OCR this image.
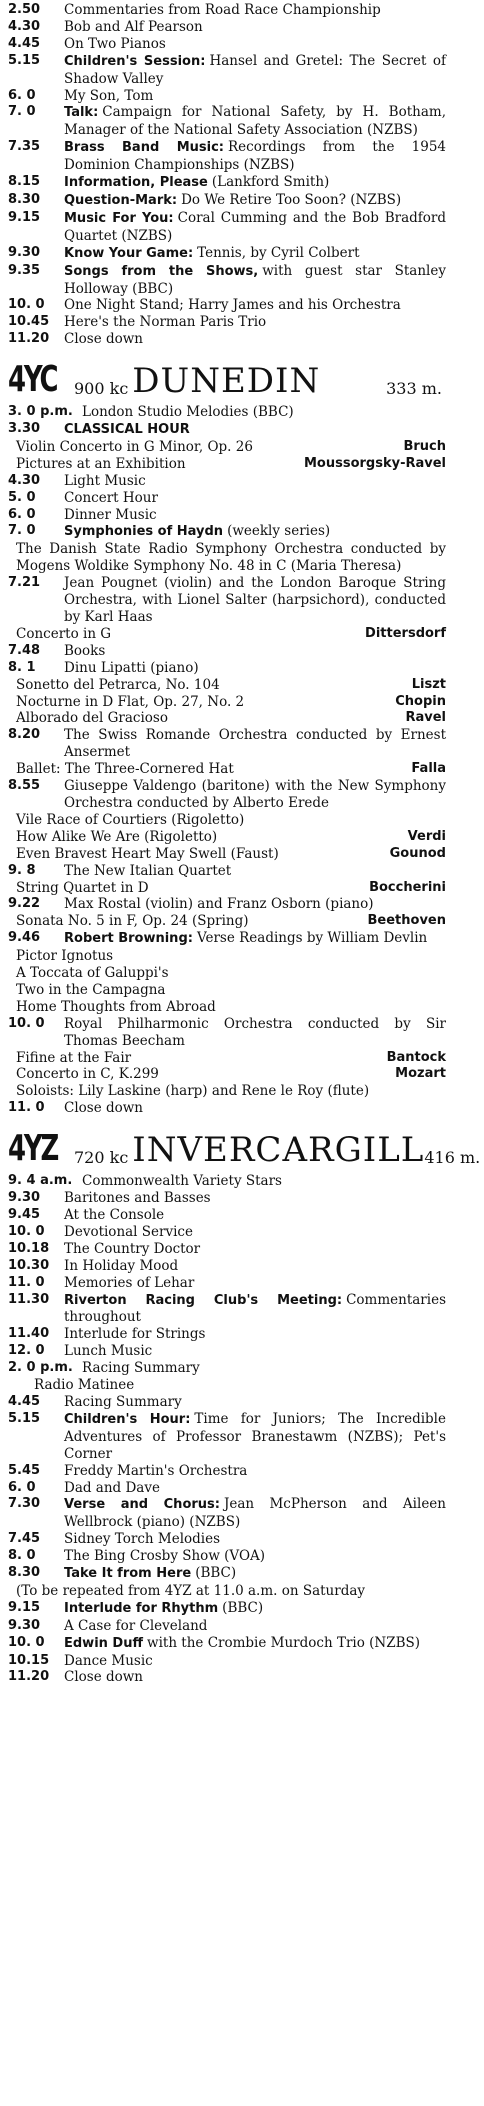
2.50 Commentaries from Road Race Championship
4.30 Bob and Alf Pearson
4.45 On Two Pianos
5.15 Children's Session: Hansel and Gretel: The Secret of Shadow Valley
6. 0 My Son, Tom
7. 0 Talk: Campaign for National Safety, by H. Botham, Manager of the National Safety Association (NZBS)
7.35 Brass Band Music: Recordings from the 1954 Dominion Championships (NZBS)
8.15 Information, Please (Lankford Smith)
8.30 Question-Mark: Do We Retire Too Soon? (NZBS)
9.15 Music For You: Coral Cumming and the Bob Bradford Quartet (NZBS)
9.30 Know Your Game: Tennis, by Cyril Colbert
9.35 Songs from the Shows, with guest star Stanley Holloway (BBC)
10. 0 One Night Stand; Harry James and his Orchestra
10.45 Here's the Norman Paris Trio
11.20 Close down
4YC 900 kc DUNEDIN	333 m.
3. 0 p.m. London Studio Melodies (BBC)
3.30 CLASSICAL HOUR
Violin Concerto in G Minor, Op. 26	Bruch
Pictures at an Exhibition	Moussorgsky-Ravel
4.30 Light Music
5. 0 Concert Hour
6. 0 Dinner Music
7. 0 Symphonies of Haydn (weekly series)
The Danish State Radio Symphony Orchestra conducted by Mogens Woldike Symphony No. 48 in C (Maria Theresa)
7.21 Jean Pougnet (violin) and the London Baroque String Orchestra, with Lionel Salter (harpsichord), conducted by Karl Haas
Concerto in G	Dittersdorf
7.48 Books
8. 1 Dinu Lipatti (piano)
Sonetto del Petrarca, No. 104	Liszt
Nocturne in D Flat, Op. 27, No. 2	Chopin
Alborado del Gracioso	Ravel
8.20 The Swiss Romande Orchestra conducted by Ernest Ansermet
Ballet: The Three-Cornered Hat	Falla
8.55 Giuseppe Valdengo (baritone) with the New Symphony Orchestra conducted by Alberto Erede
Vile Race of Courtiers (Rigoletto)
How Alike We Are (Rigoletto)	Verdi
Even Bravest Heart May Swell (Faust)	Gounod
9. 8 The New Italian Quartet
String Quartet in D	Boccherini
9.22 Max Rostal (violin) and Franz Osborn (piano)
Sonata No. 5 in F, Op. 24 (Spring)	Beethoven
9.46 Robert Browning: Verse Readings by William Devlin
Pictor Ignotus
A Toccata of Galuppi's
Two in the Campagna
Home Thoughts from Abroad
10. 0 Royal Philharmonic Orchestra conducted by Sir Thomas Beecham
Fifine at the Fair	Bantock
Concerto in C, K.299	Mozart
Soloists: Lily Laskine (harp) and Rene le Roy (flute)
11. 0 Close down
4YZ 720 kc INVERCARGILL 416 m.
9. 4 a.m. Commonwealth Variety Stars
9.30 Baritones and Basses
9.45 At the Console
10. 0 Devotional Service
10.18 The Country Doctor
10.30 In Holiday Mood
11. 0 Memories of Lehar
11.30 Riverton Racing Club's Meeting: Commentaries throughout
11.40 Interlude for Strings
12. 0 Lunch Music
2. 0 p.m. Racing Summary
Radio Matinee
4.45 Racing Summary
5.15 Children's Hour: Time for Juniors; The Incredible Adventures of Professor Branestawm (NZBS); Pet's Corner
5.45 Freddy Martin's Orchestra
6. 0 Dad and Dave
7.30 Verse and Chorus: Jean McPherson and Aileen Wellbrock (piano) (NZBS)
7.45 Sidney Torch Melodies
8. 0 The Bing Crosby Show (VOA)
8.30 Take It from Here (BBC)
(To be repeated from 4YZ at 11.0 a.m. on Saturday
9.15 Interlude for Rhythm (BBC)
9.30 A Case for Cleveland
10. 0 Edwin Duff with the Crombie Murdoch Trio (NZBS)
10.15 Dance Music
11.20 Close down
